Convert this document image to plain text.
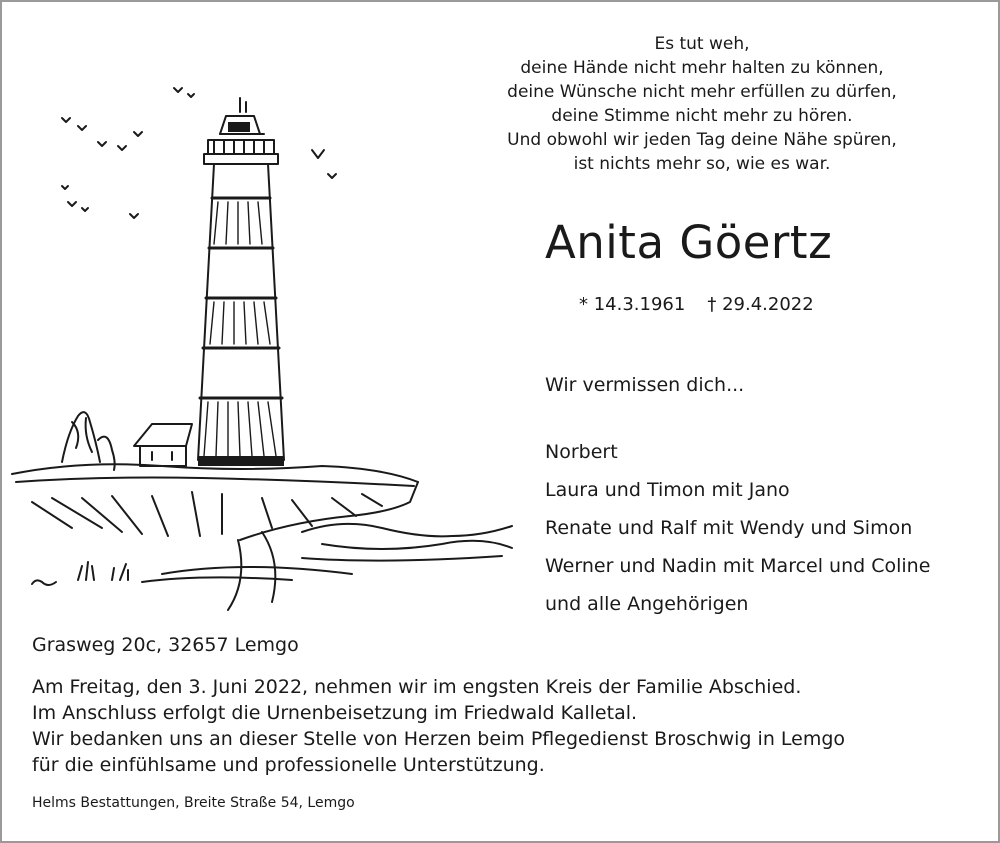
Es tut weh,
deine Hände nicht mehr halten zu können,
deine Wünsche nicht mehr erfüllen zu dürfen,
deine Stimme nicht mehr zu hören.
Und obwohl wir jeden Tag deine Nähe spüren,
ist nichts mehr so, wie es war.
Anita Göertz
* 14.3.1961 † 29.4.2022
Wir vermissen dich...
Norbert
Laura und Timon mit Jano
Renate und Ralf mit Wendy und Simon
Werner und Nadin mit Marcel und Coline
und alle Angehörigen
Grasweg 20c, 32657 Lemgo
Am Freitag, den 3. Juni 2022, nehmen wir im engsten Kreis der Familie Abschied.
Im Anschluss erfolgt die Urnenbeisetzung im Friedwald Kalletal.
Wir bedanken uns an dieser Stelle von Herzen beim Pflegedienst Broschwig in Lemgo
für die einfühlsame und professionelle Unterstützung.
Helms Bestattungen, Breite Straße 54, Lemgo
